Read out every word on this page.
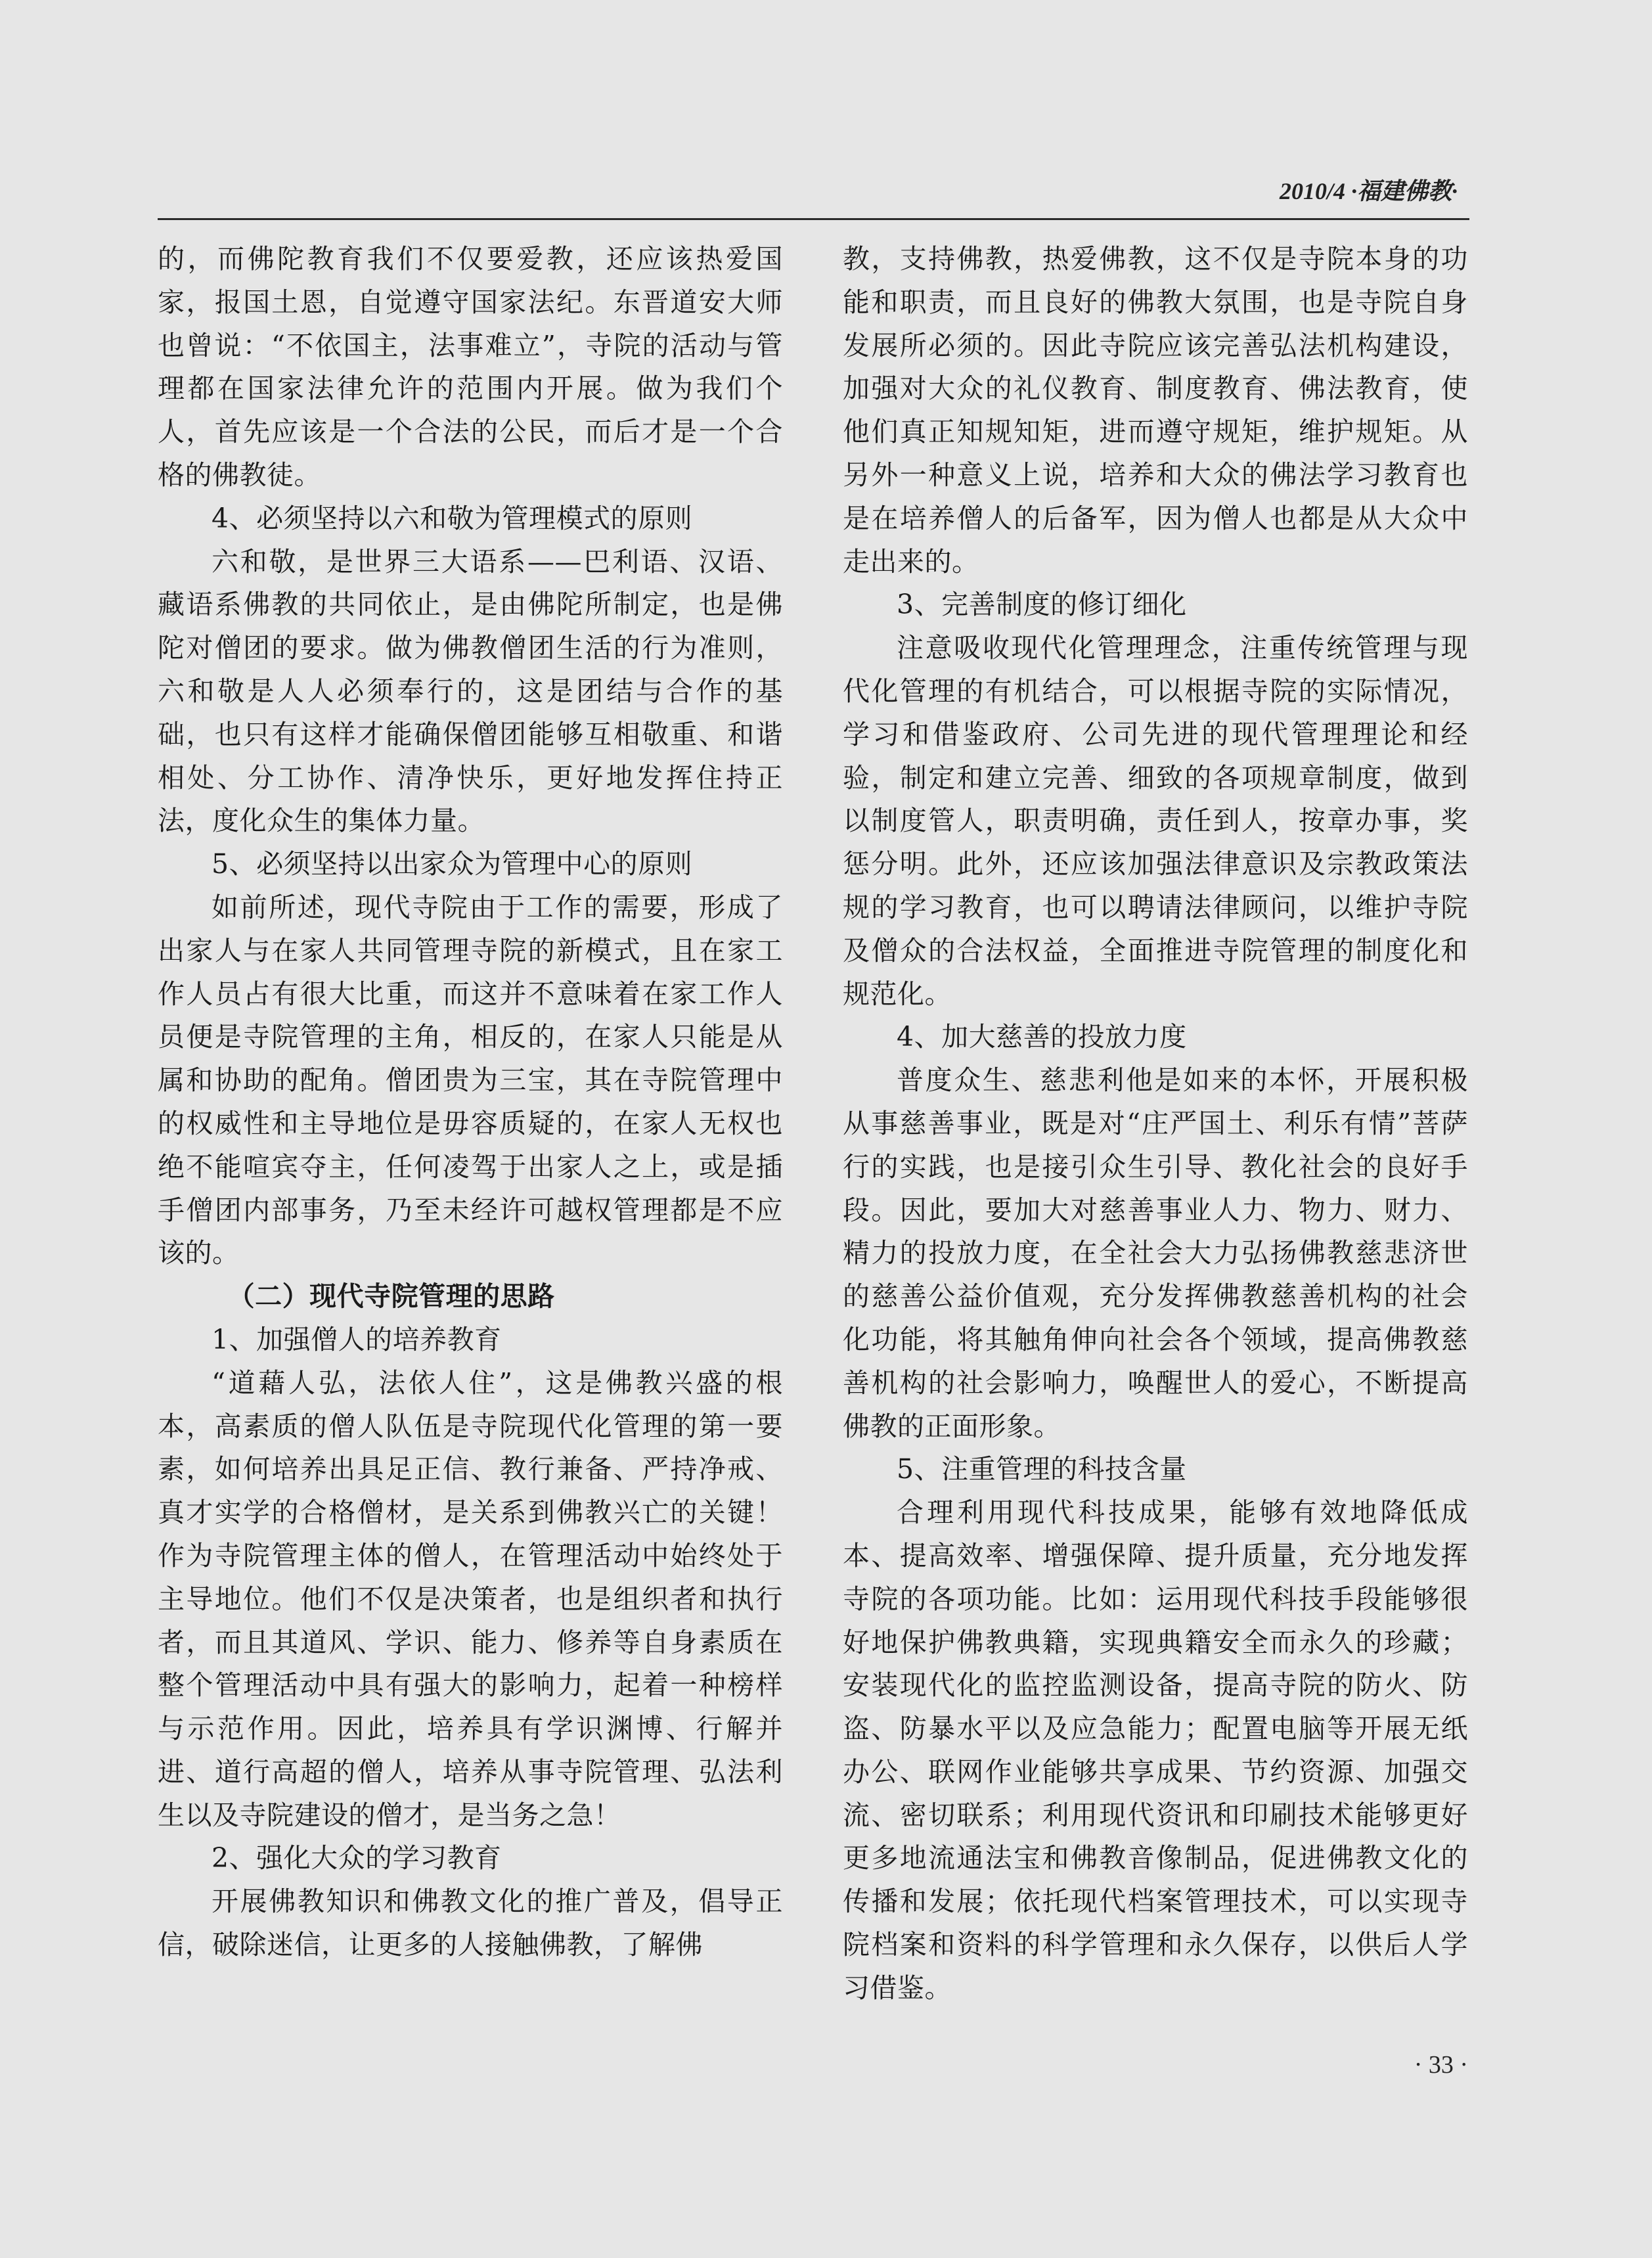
2010/4 ·福建佛教·

的，而佛陀教育我们不仅要爱教，还应该热爱国家，报国土恩，自觉遵守国家法纪。东晋道安大师也曾说：“不依国主，法事难立”，寺院的活动与管理都在国家法律允许的范围内开展。做为我们个人，首先应该是一个合法的公民，而后才是一个合格的佛教徒。

4、必须坚持以六和敬为管理模式的原则

六和敬，是世界三大语系——巴利语、汉语、藏语系佛教的共同依止，是由佛陀所制定，也是佛陀对僧团的要求。做为佛教僧团生活的行为准则，六和敬是人人必须奉行的，这是团结与合作的基础，也只有这样才能确保僧团能够互相敬重、和谐相处、分工协作、清净快乐，更好地发挥住持正法，度化众生的集体力量。

5、必须坚持以出家众为管理中心的原则

如前所述，现代寺院由于工作的需要，形成了出家人与在家人共同管理寺院的新模式，且在家工作人员占有很大比重，而这并不意味着在家工作人员便是寺院管理的主角，相反的，在家人只能是从属和协助的配角。僧团贵为三宝，其在寺院管理中的权威性和主导地位是毋容质疑的，在家人无权也绝不能喧宾夺主，任何凌驾于出家人之上，或是插手僧团内部事务，乃至未经许可越权管理都是不应该的。

（二）现代寺院管理的思路

1、加强僧人的培养教育

“道藉人弘，法依人住”，这是佛教兴盛的根本，高素质的僧人队伍是寺院现代化管理的第一要素，如何培养出具足正信、教行兼备、严持净戒、真才实学的合格僧材，是关系到佛教兴亡的关键！作为寺院管理主体的僧人，在管理活动中始终处于主导地位。他们不仅是决策者，也是组织者和执行者，而且其道风、学识、能力、修养等自身素质在整个管理活动中具有强大的影响力，起着一种榜样与示范作用。因此，培养具有学识渊博、行解并进、道行高超的僧人，培养从事寺院管理、弘法利生以及寺院建设的僧才，是当务之急！

2、强化大众的学习教育

开展佛教知识和佛教文化的推广普及，倡导正信，破除迷信，让更多的人接触佛教，了解佛

教，支持佛教，热爱佛教，这不仅是寺院本身的功能和职责，而且良好的佛教大氛围，也是寺院自身发展所必须的。因此寺院应该完善弘法机构建设，加强对大众的礼仪教育、制度教育、佛法教育，使他们真正知规知矩，进而遵守规矩，维护规矩。从另外一种意义上说，培养和大众的佛法学习教育也是在培养僧人的后备军，因为僧人也都是从大众中走出来的。

3、完善制度的修订细化

注意吸收现代化管理理念，注重传统管理与现代化管理的有机结合，可以根据寺院的实际情况，学习和借鉴政府、公司先进的现代管理理论和经验，制定和建立完善、细致的各项规章制度，做到以制度管人，职责明确，责任到人，按章办事，奖惩分明。此外，还应该加强法律意识及宗教政策法规的学习教育，也可以聘请法律顾问，以维护寺院及僧众的合法权益，全面推进寺院管理的制度化和规范化。

4、加大慈善的投放力度

普度众生、慈悲利他是如来的本怀，开展积极从事慈善事业，既是对“庄严国土、利乐有情”菩萨行的实践，也是接引众生引导、教化社会的良好手段。因此，要加大对慈善事业人力、物力、财力、精力的投放力度，在全社会大力弘扬佛教慈悲济世的慈善公益价值观，充分发挥佛教慈善机构的社会化功能，将其触角伸向社会各个领域，提高佛教慈善机构的社会影响力，唤醒世人的爱心，不断提高佛教的正面形象。

5、注重管理的科技含量

合理利用现代科技成果，能够有效地降低成本、提高效率、增强保障、提升质量，充分地发挥寺院的各项功能。比如：运用现代科技手段能够很好地保护佛教典籍，实现典籍安全而永久的珍藏；安装现代化的监控监测设备，提高寺院的防火、防盗、防暴水平以及应急能力；配置电脑等开展无纸办公、联网作业能够共享成果、节约资源、加强交流、密切联系；利用现代资讯和印刷技术能够更好更多地流通法宝和佛教音像制品，促进佛教文化的传播和发展；依托现代档案管理技术，可以实现寺院档案和资料的科学管理和永久保存，以供后人学习借鉴。

· 33 ·
